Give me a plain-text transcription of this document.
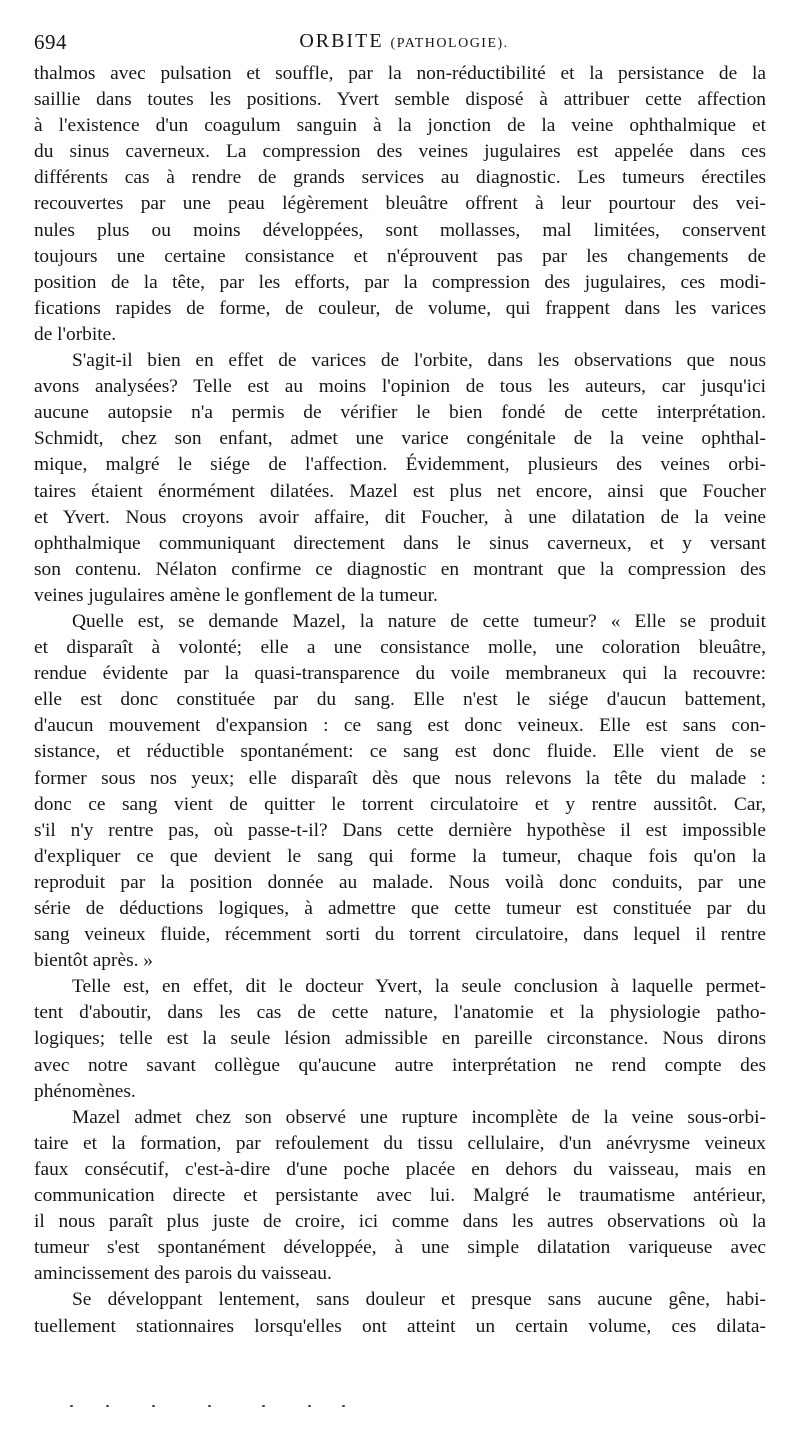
694	ORBITE (PATHOLOGIE).
thalmos avec pulsation et souffle, par la non-réductibilité et la persistance de la
saillie dans toutes les positions. Yvert semble disposé à attribuer cette affection
à l'existence d'un coagulum sanguin à la jonction de la veine ophthalmique et
du sinus caverneux. La compression des veines jugulaires est appelée dans ces
différents cas à rendre de grands services au diagnostic. Les tumeurs érectiles
recouvertes par une peau légèrement bleuâtre offrent à leur pourtour des vei-
nules plus ou moins développées, sont mollasses, mal limitées, conservent
toujours une certaine consistance et n'éprouvent pas par les changements de
position de la tête, par les efforts, par la compression des jugulaires, ces modi-
fications rapides de forme, de couleur, de volume, qui frappent dans les varices
de l'orbite.
S'agit-il bien en effet de varices de l'orbite, dans les observations que nous
avons analysées? Telle est au moins l'opinion de tous les auteurs, car jusqu'ici
aucune autopsie n'a permis de vérifier le bien fondé de cette interprétation.
Schmidt, chez son enfant, admet une varice congénitale de la veine ophthal-
mique, malgré le siége de l'affection. Évidemment, plusieurs des veines orbi-
taires étaient énormément dilatées. Mazel est plus net encore, ainsi que Foucher
et Yvert. Nous croyons avoir affaire, dit Foucher, à une dilatation de la veine
ophthalmique communiquant directement dans le sinus caverneux, et y versant
son contenu. Nélaton confirme ce diagnostic en montrant que la compression des
veines jugulaires amène le gonflement de la tumeur.
Quelle est, se demande Mazel, la nature de cette tumeur? « Elle se produit
et disparaît à volonté; elle a une consistance molle, une coloration bleuâtre,
rendue évidente par la quasi-transparence du voile membraneux qui la recouvre:
elle est donc constituée par du sang. Elle n'est le siége d'aucun battement,
d'aucun mouvement d'expansion : ce sang est donc veineux. Elle est sans con-
sistance, et réductible spontanément: ce sang est donc fluide. Elle vient de se
former sous nos yeux; elle disparaît dès que nous relevons la tête du malade :
donc ce sang vient de quitter le torrent circulatoire et y rentre aussitôt. Car,
s'il n'y rentre pas, où passe-t-il? Dans cette dernière hypothèse il est impossible
d'expliquer ce que devient le sang qui forme la tumeur, chaque fois qu'on la
reproduit par la position donnée au malade. Nous voilà donc conduits, par une
série de déductions logiques, à admettre que cette tumeur est constituée par du
sang veineux fluide, récemment sorti du torrent circulatoire, dans lequel il rentre
bientôt après. »
Telle est, en effet, dit le docteur Yvert, la seule conclusion à laquelle permet-
tent d'aboutir, dans les cas de cette nature, l'anatomie et la physiologie patho-
logiques; telle est la seule lésion admissible en pareille circonstance. Nous dirons
avec notre savant collègue qu'aucune autre interprétation ne rend compte des
phénomènes.
Mazel admet chez son observé une rupture incomplète de la veine sous-orbi-
taire et la formation, par refoulement du tissu cellulaire, d'un anévrysme veineux
faux consécutif, c'est-à-dire d'une poche placée en dehors du vaisseau, mais en
communication directe et persistante avec lui. Malgré le traumatisme antérieur,
il nous paraît plus juste de croire, ici comme dans les autres observations où la
tumeur s'est spontanément développée, à une simple dilatation variqueuse avec
amincissement des parois du vaisseau.
Se développant lentement, sans douleur et presque sans aucune gêne, habi-
tuellement stationnaires lorsqu'elles ont atteint un certain volume, ces dilata-
